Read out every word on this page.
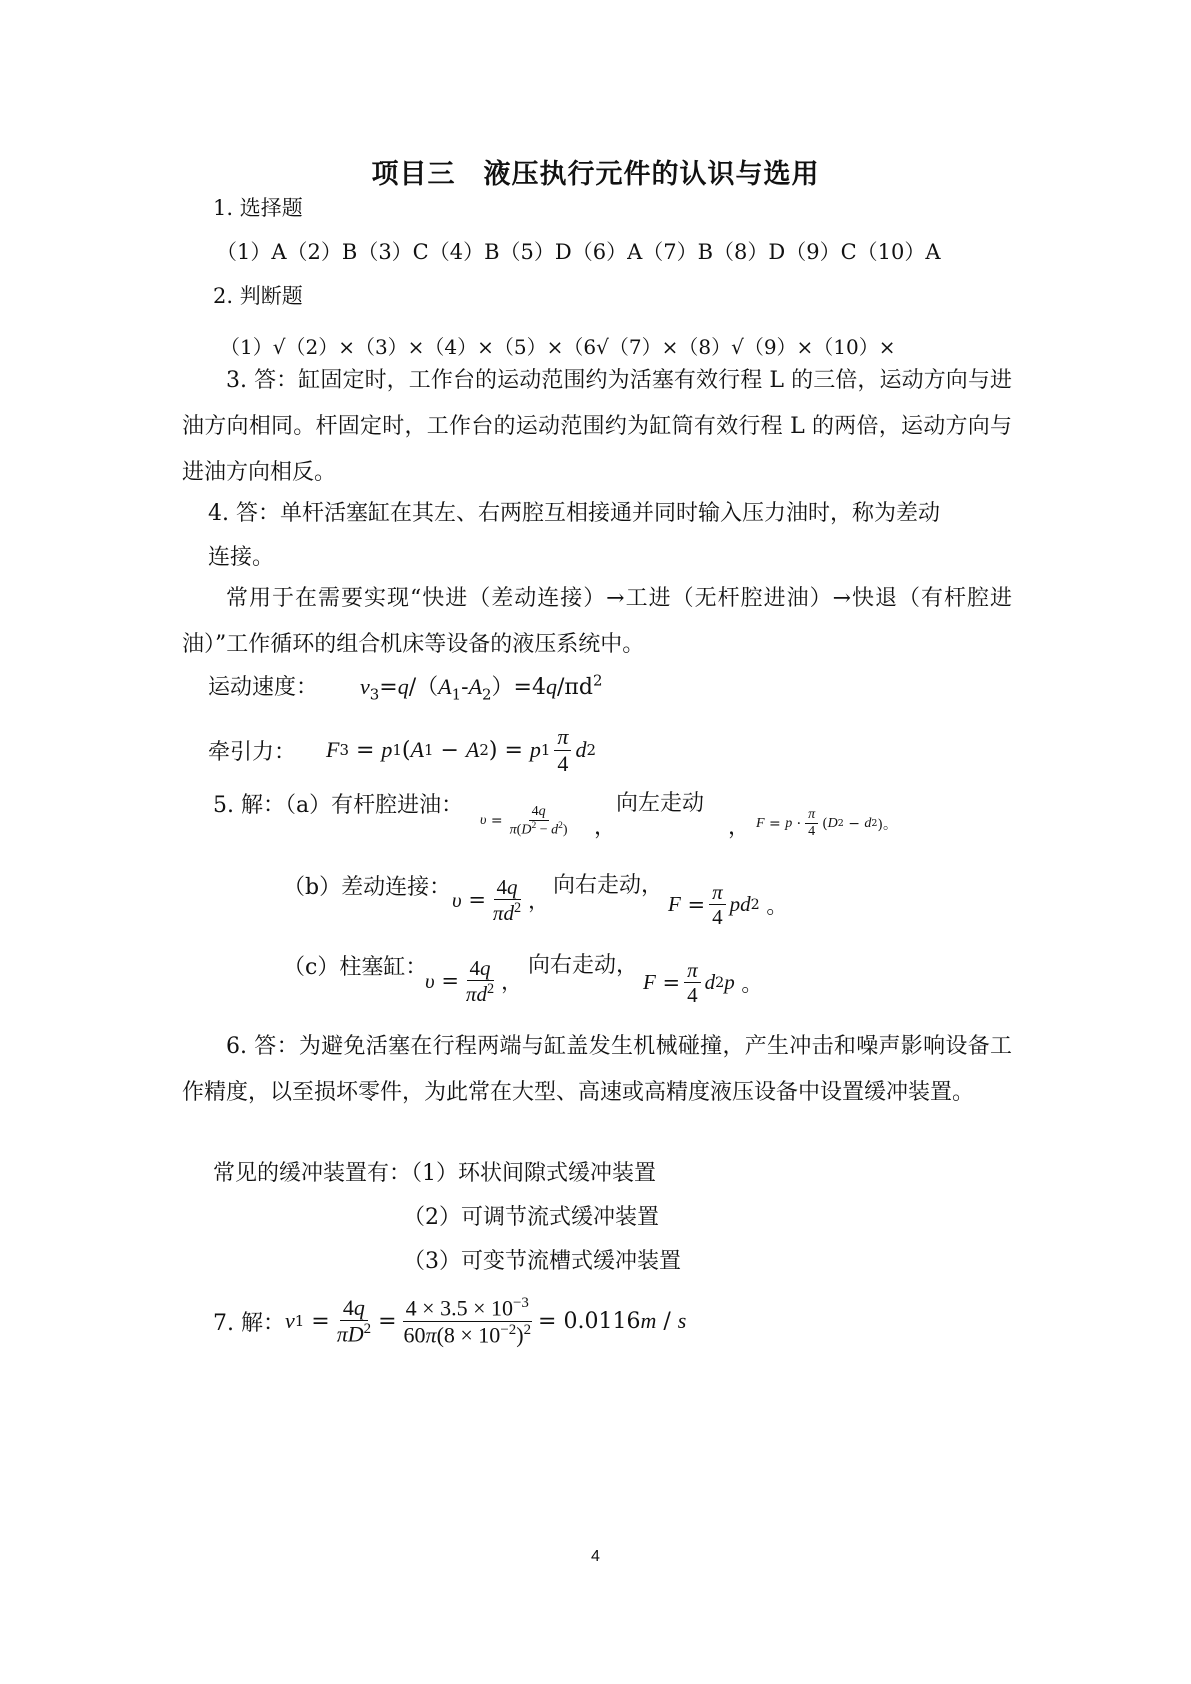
项目三 液压执行元件的认识与选用
1. 选择题
（1）A（2）B（3）C（4）B（5）D（6）A（7）B（8）D（9）C（10）A
2. 判断题
（1）√（2）×（3）×（4）×（5）×（6√（7）×（8）√（9）×（10）×
3. 答：缸固定时，工作台的运动范围约为活塞有效行程 L 的三倍，运动方向与进油方向相同。杆固定时，工作台的运动范围约为缸筒有效行程 L 的两倍，运动方向与进油方向相反。
4. 答：单杆活塞缸在其左、右两腔互相接通并同时输入压力油时，称为差动
连接。
常用于在需要实现“快进（差动连接）→工进（无杆腔进油）→快退（有杆腔进油）”工作循环的组合机床等设备的液压系统中。
运动速度： $v_3=q/(A_1-A_2)=4q/\pi d^2$
牵引力： F 3 = p 1 ( A 1 − A 2 ) = p $1 \frac{\pi}{4}$ d 2
5. 解：（a）有杆腔进油：
$\upsilon = \frac{4q}{\pi(D^2 - d^2)}$ ，
向左走动
， $F = p \cdot \frac{\pi}{4}$ ( D 2 − d 2 )。
（b）差动连接： $\upsilon = \frac{4q}{\pi d^2}$ ，
向右走动，
$F = \frac{\pi}{4}$ pd 2 。
（c）柱塞缸：
$\upsilon = \frac{4q}{\pi d^2}$ ，
向右走动，
$F = \frac{\pi}{4}$ d 2 p 。
6. 答：为避免活塞在行程两端与缸盖发生机械碰撞，产生冲击和噪声影响设备工作精度，以至损坏零件，为此常在大型、高速或高精度液压设备中设置缓冲装置。
常见的缓冲装置有：（1）环状间隙式缓冲装置
（2）可调节流式缓冲装置
（3）可变节流槽式缓冲装置
7. 解： v $1 = \frac{4q}{\pi D^2} = \frac{4 \times 3.5 \times 10^{-3}}{60\pi(8 \times 10^{-2})^2} = 0.0116$ m / s
4
